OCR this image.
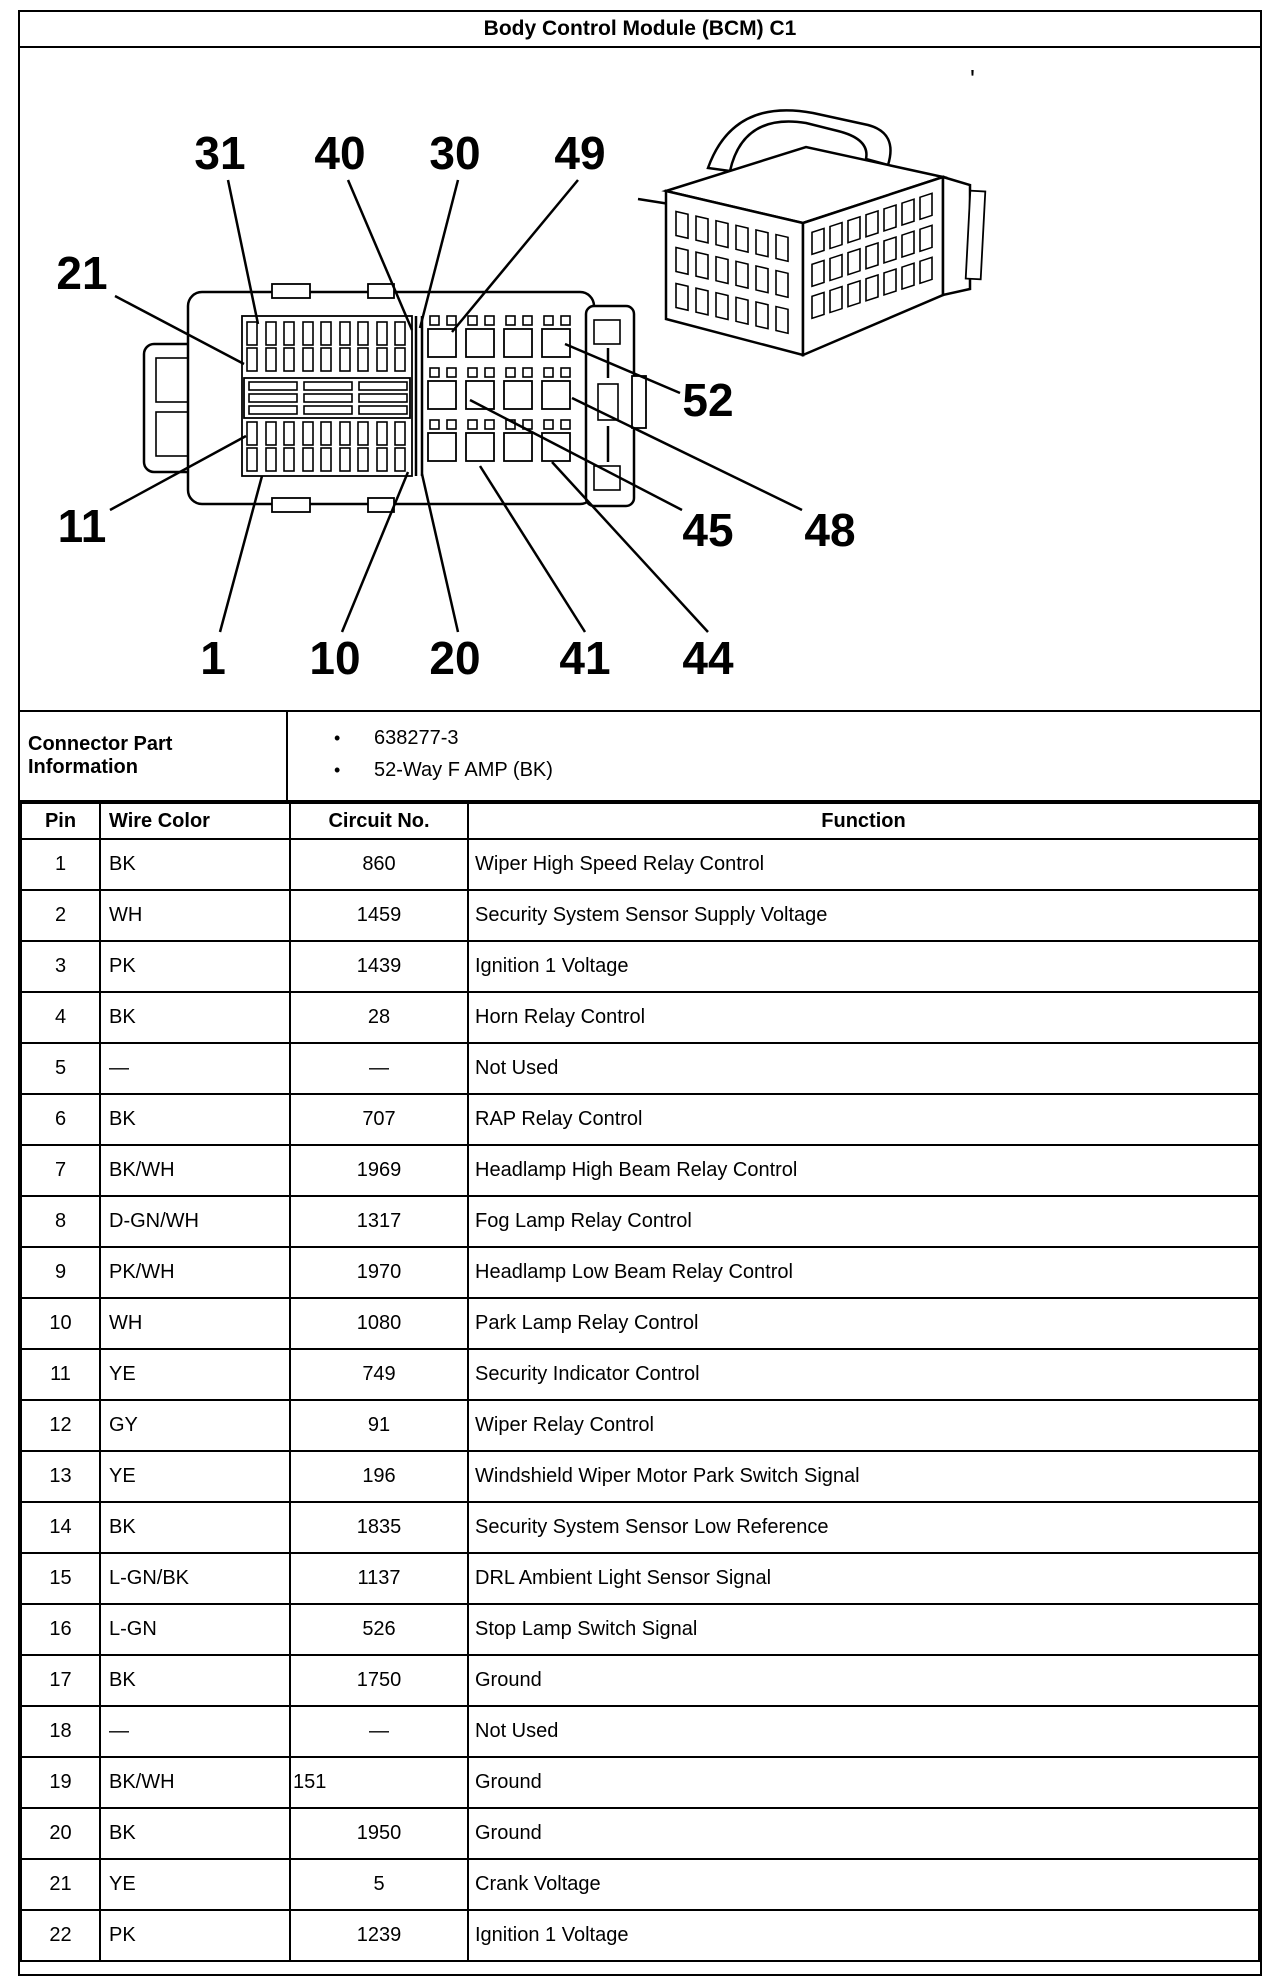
Body Control Module (BCM) C1
'
31 40 30 49
21
52
48
45
11
1 10 20 41 44
Connector Part Information
•	638277-3
•	52-Way F AMP (BK)
Pin	Wire Color	Circuit No.	Function
1	BK	860	Wiper High Speed Relay Control
2	WH	1459	Security System Sensor Supply Voltage
3	PK	1439	Ignition 1 Voltage
4	BK	28	Horn Relay Control
5	—	—	Not Used
6	BK	707	RAP Relay Control
7	BK/WH	1969	Headlamp High Beam Relay Control
8	D-GN/WH	1317	Fog Lamp Relay Control
9	PK/WH	1970	Headlamp Low Beam Relay Control
10	WH	1080	Park Lamp Relay Control
11	YE	749	Security Indicator Control
12	GY	91	Wiper Relay Control
13	YE	196	Windshield Wiper Motor Park Switch Signal
14	BK	1835	Security System Sensor Low Reference
15	L-GN/BK	1137	DRL Ambient Light Sensor Signal
16	L-GN	526	Stop Lamp Switch Signal
17	BK	1750	Ground
18	—	—	Not Used
19	BK/WH	151	Ground
20	BK	1950	Ground
21	YE	5	Crank Voltage
22	PK	1239	Ignition 1 Voltage
